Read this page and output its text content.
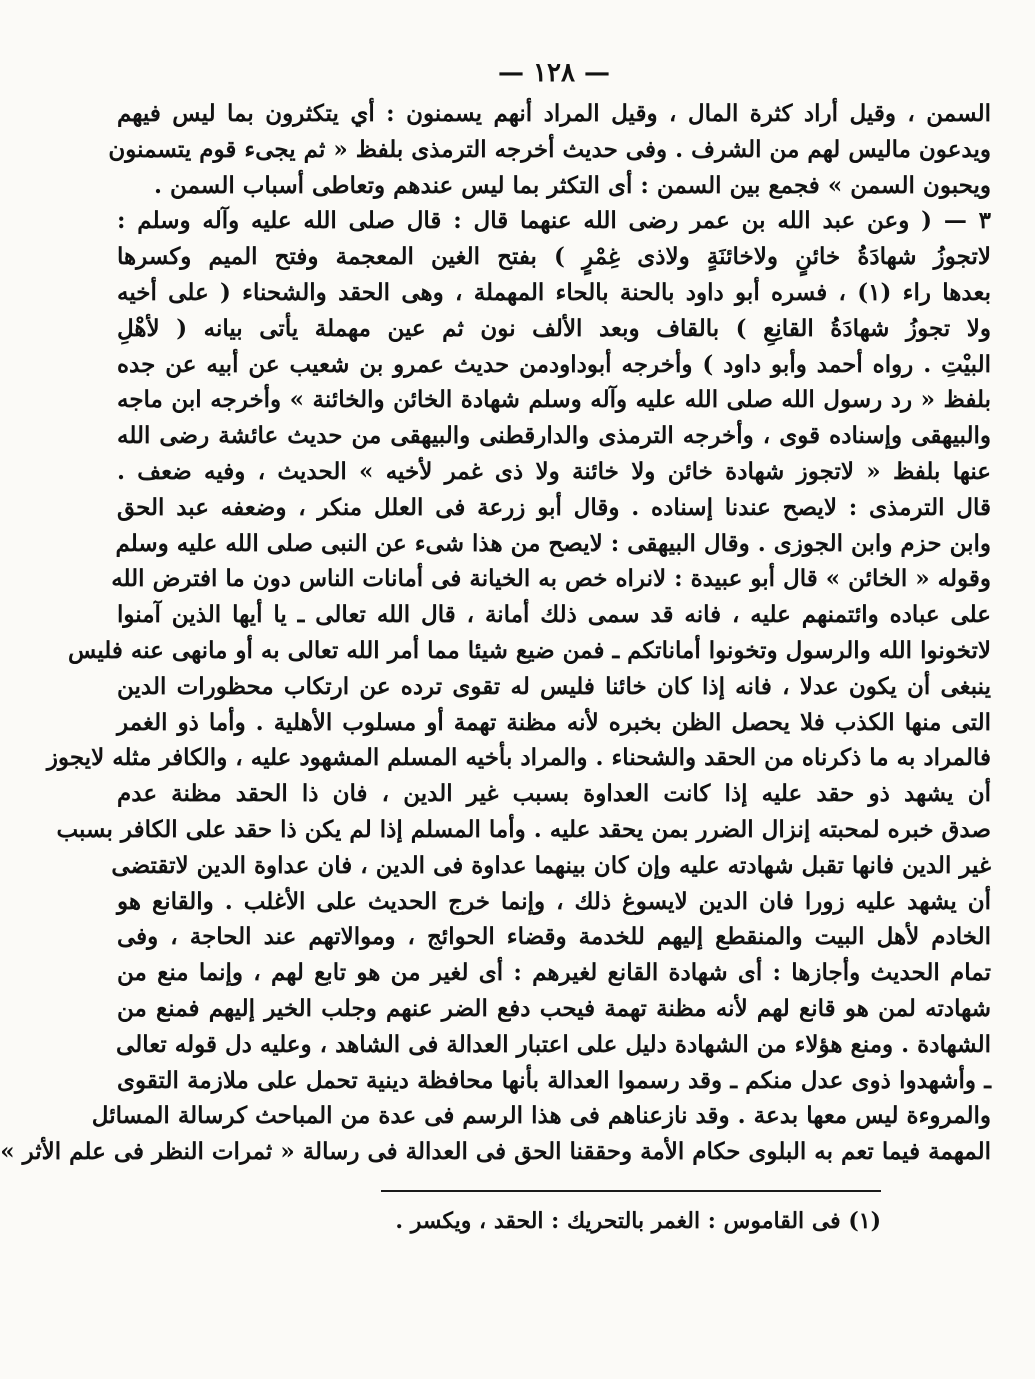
— ١٢٨ —
السمن ، وقيل أراد كثرة المال ، وقيل المراد أنهم يسمنون : أي يتكثرون بما ليس فيهم
ويدعون ماليس لهم من الشرف . وفى حديث أخرجه الترمذى بلفظ « ثم يجىء قوم يتسمنون
ويحبون السمن » فجمع بين السمن : أى التكثر بما ليس عندهم وتعاطى أسباب السمن .
٣ — ( وعن عبد الله بن عمر رضى الله عنهما قال : قال صلى الله عليه وآله وسلم :
لاتجوزُ شهادَةُ خائنٍ ولاخائنَةٍ ولاذى غِمْرٍ ) بفتح الغين المعجمة وفتح الميم وكسرها
بعدها راء (١) ، فسره أبو داود بالحنة بالحاء المهملة ، وهى الحقد والشحناء ( على أخيه
ولا تجوزُ شهادَةُ القانِعِ ) بالقاف وبعد الألف نون ثم عين مهملة يأتى بيانه ( لأهْلِ
البيْتِ . رواه أحمد وأبو داود ) وأخرجه أبوداودمن حديث عمرو بن شعيب عن أبيه عن جده
بلفظ « رد رسول الله صلى الله عليه وآله وسلم شهادة الخائن والخائنة » وأخرجه ابن ماجه
والبيهقى وإسناده قوى ، وأخرجه الترمذى والدارقطنى والبيهقى من حديث عائشة رضى الله
عنها بلفظ « لاتجوز شهادة خائن ولا خائنة ولا ذى غمر لأخيه » الحديث ، وفيه ضعف .
قال الترمذى : لايصح عندنا إسناده . وقال أبو زرعة فى العلل منكر ، وضعفه عبد الحق
وابن حزم وابن الجوزى . وقال البيهقى : لايصح من هذا شىء عن النبى صلى الله عليه وسلم
وقوله « الخائن » قال أبو عبيدة : لانراه خص به الخيانة فى أمانات الناس دون ما افترض الله
على عباده وائتمنهم عليه ، فانه قد سمى ذلك أمانة ، قال الله تعالى ـ يا أيها الذين آمنوا
لاتخونوا الله والرسول وتخونوا أماناتكم ـ فمن ضيع شيئا مما أمر الله تعالى به أو مانهى عنه فليس
ينبغى أن يكون عدلا ، فانه إذا كان خائنا فليس له تقوى ترده عن ارتكاب محظورات الدين
التى منها الكذب فلا يحصل الظن بخبره لأنه مظنة تهمة أو مسلوب الأهلية . وأما ذو الغمر
فالمراد به ما ذكرناه من الحقد والشحناء . والمراد بأخيه المسلم المشهود عليه ، والكافر مثله لايجوز
أن يشهد ذو حقد عليه إذا كانت العداوة بسبب غير الدين ، فان ذا الحقد مظنة عدم
صدق خبره لمحبته إنزال الضرر بمن يحقد عليه . وأما المسلم إذا لم يكن ذا حقد على الكافر بسبب
غير الدين فانها تقبل شهادته عليه وإن كان بينهما عداوة فى الدين ، فان عداوة الدين لاتقتضى
أن يشهد عليه زورا فان الدين لايسوغ ذلك ، وإنما خرج الحديث على الأغلب . والقانع هو
الخادم لأهل البيت والمنقطع إليهم للخدمة وقضاء الحوائج ، وموالاتهم عند الحاجة ، وفى
تمام الحديث وأجازها : أى شهادة القانع لغيرهم : أى لغير من هو تابع لهم ، وإنما منع من
شهادته لمن هو قانع لهم لأنه مظنة تهمة فيحب دفع الضر عنهم وجلب الخير إليهم فمنع من
الشهادة . ومنع هؤلاء من الشهادة دليل على اعتبار العدالة فى الشاهد ، وعليه دل قوله تعالى
ـ وأشهدوا ذوى عدل منكم ـ وقد رسموا العدالة بأنها محافظة دينية تحمل على ملازمة التقوى
والمروءة ليس معها بدعة . وقد نازعناهم فى هذا الرسم فى عدة من المباحث كرسالة المسائل
المهمة فيما تعم به البلوى حكام الأمة وحققنا الحق فى العدالة فى رسالة « ثمرات النظر فى علم الأثر »
(١) فى القاموس : الغمر بالتحريك : الحقد ، ويكسر .
